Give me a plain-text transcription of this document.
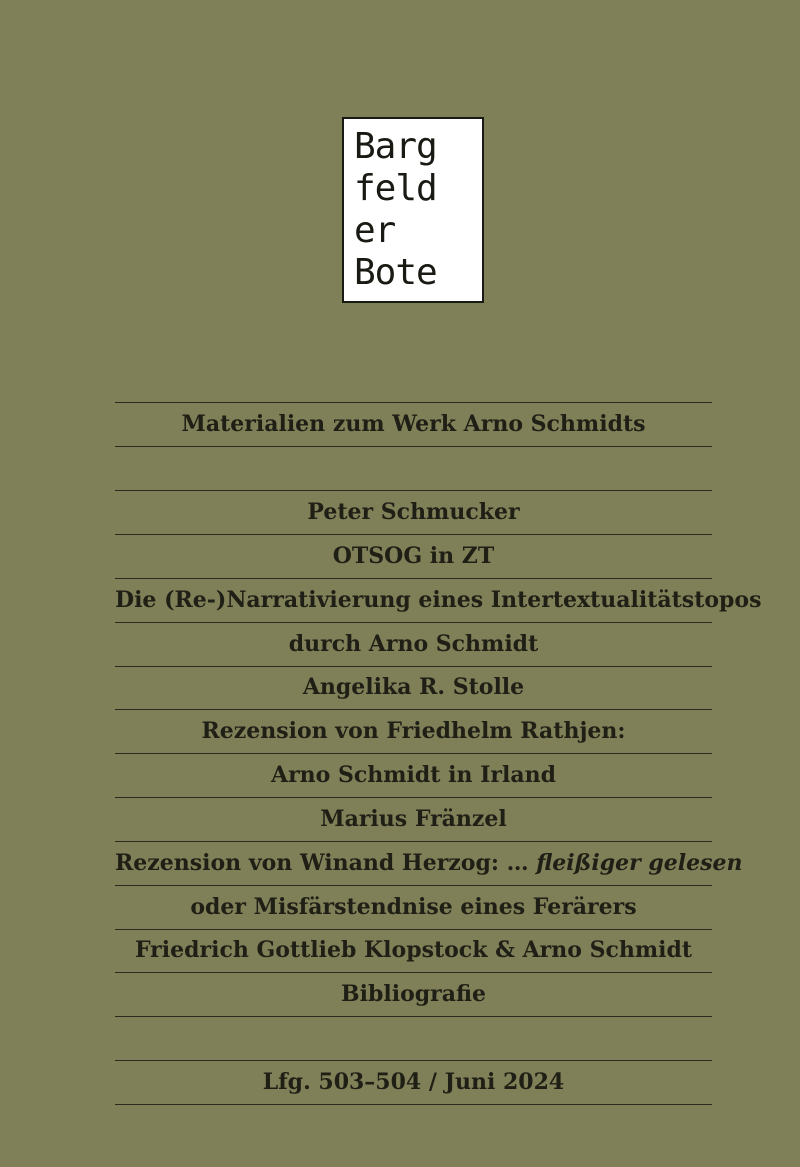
Barg
feld
er
Bote
Materialien zum Werk Arno Schmidts
Peter Schmucker
OTSOG in ZT
Die (Re-)Narrativierung eines Intertextualitätstopos
durch Arno Schmidt
Angelika R. Stolle
Rezension von Friedhelm Rathjen:
Arno Schmidt in Irland
Marius Fränzel
Rezension von Winand Herzog: … fleißiger gelesen
oder Misfärstendnise eines Ferärers
Friedrich Gottlieb Klopstock & Arno Schmidt
Bibliografie
Lfg. 503–504 / Juni 2024
